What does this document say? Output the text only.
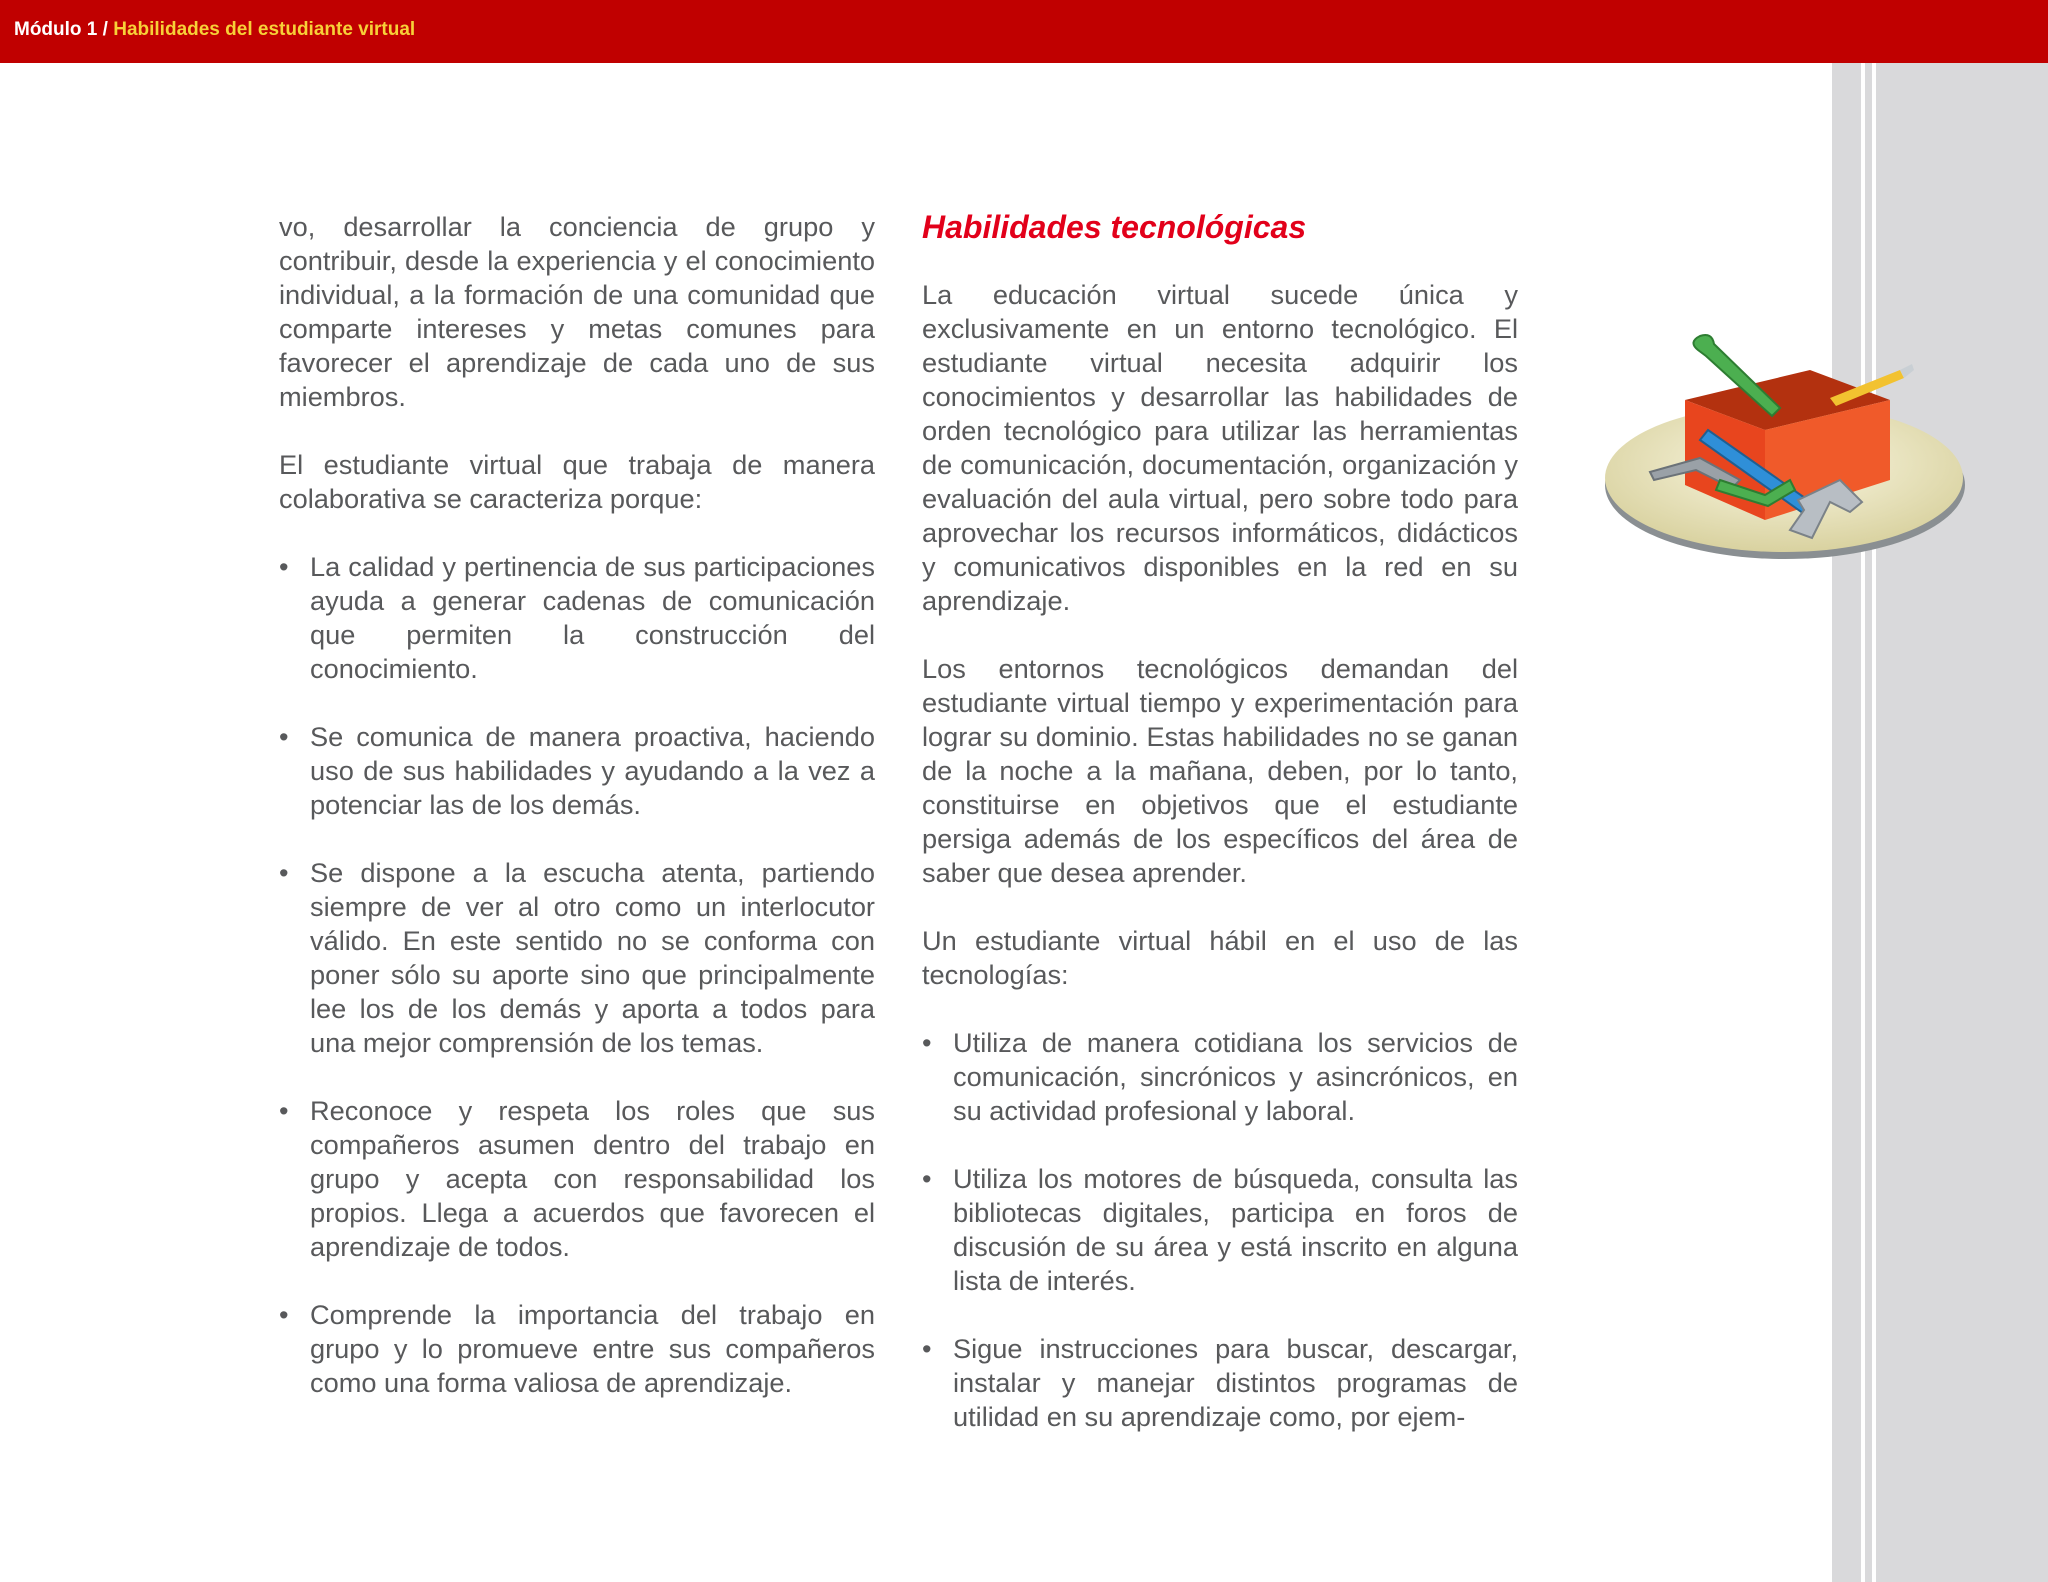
Módulo 1 / Habilidades del estudiante virtual

vo, desarrollar la conciencia de grupo y contribuir, desde la experiencia y el conocimiento individual, a la formación de una comunidad que comparte intereses y metas comunes para favorecer el aprendizaje de cada uno de sus miembros.

El estudiante virtual que trabaja de manera colaborativa se caracteriza porque:

• La calidad y pertinencia de sus participaciones ayuda a generar cadenas de comunicación que permiten la construcción del conocimiento.
• Se comunica de manera proactiva, haciendo uso de sus habilidades y ayudando a la vez a potenciar las de los demás.
• Se dispone a la escucha atenta, partiendo siempre de ver al otro como un interlocutor válido. En este sentido no se conforma con poner sólo su aporte sino que principalmente lee los de los demás y aporta a todos para una mejor comprensión de los temas.
• Reconoce y respeta los roles que sus compañeros asumen dentro del trabajo en grupo y acepta con responsabilidad los propios. Llega a acuerdos que favorecen el aprendizaje de todos.
• Comprende la importancia del trabajo en grupo y lo promueve entre sus compañeros como una forma valiosa de aprendizaje.
Habilidades tecnológicas

La educación virtual sucede única y exclusivamente en un entorno tecnológico. El estudiante virtual necesita adquirir los conocimientos y desarrollar las habilidades de orden tecnológico para utilizar las herramientas de comunicación, documentación, organización y evaluación del aula virtual, pero sobre todo para aprovechar los recursos informáticos, didácticos y comunicativos disponibles en la red en su aprendizaje.

Los entornos tecnológicos demandan del estudiante virtual tiempo y experimentación para lograr su dominio. Estas habilidades no se ganan de la noche a la mañana, deben, por lo tanto, constituirse en objetivos que el estudiante persiga además de los específicos del área de saber que desea aprender.

Un estudiante virtual hábil en el uso de las tecnologías:

• Utiliza de manera cotidiana los servicios de comunicación, sincrónicos y asincrónicos, en su actividad profesional y laboral.
• Utiliza los motores de búsqueda, consulta las bibliotecas digitales, participa en foros de discusión de su área y está inscrito en alguna lista de interés.
• Sigue instrucciones para buscar, descargar, instalar y manejar distintos programas de utilidad en su aprendizaje como, por ejem-
